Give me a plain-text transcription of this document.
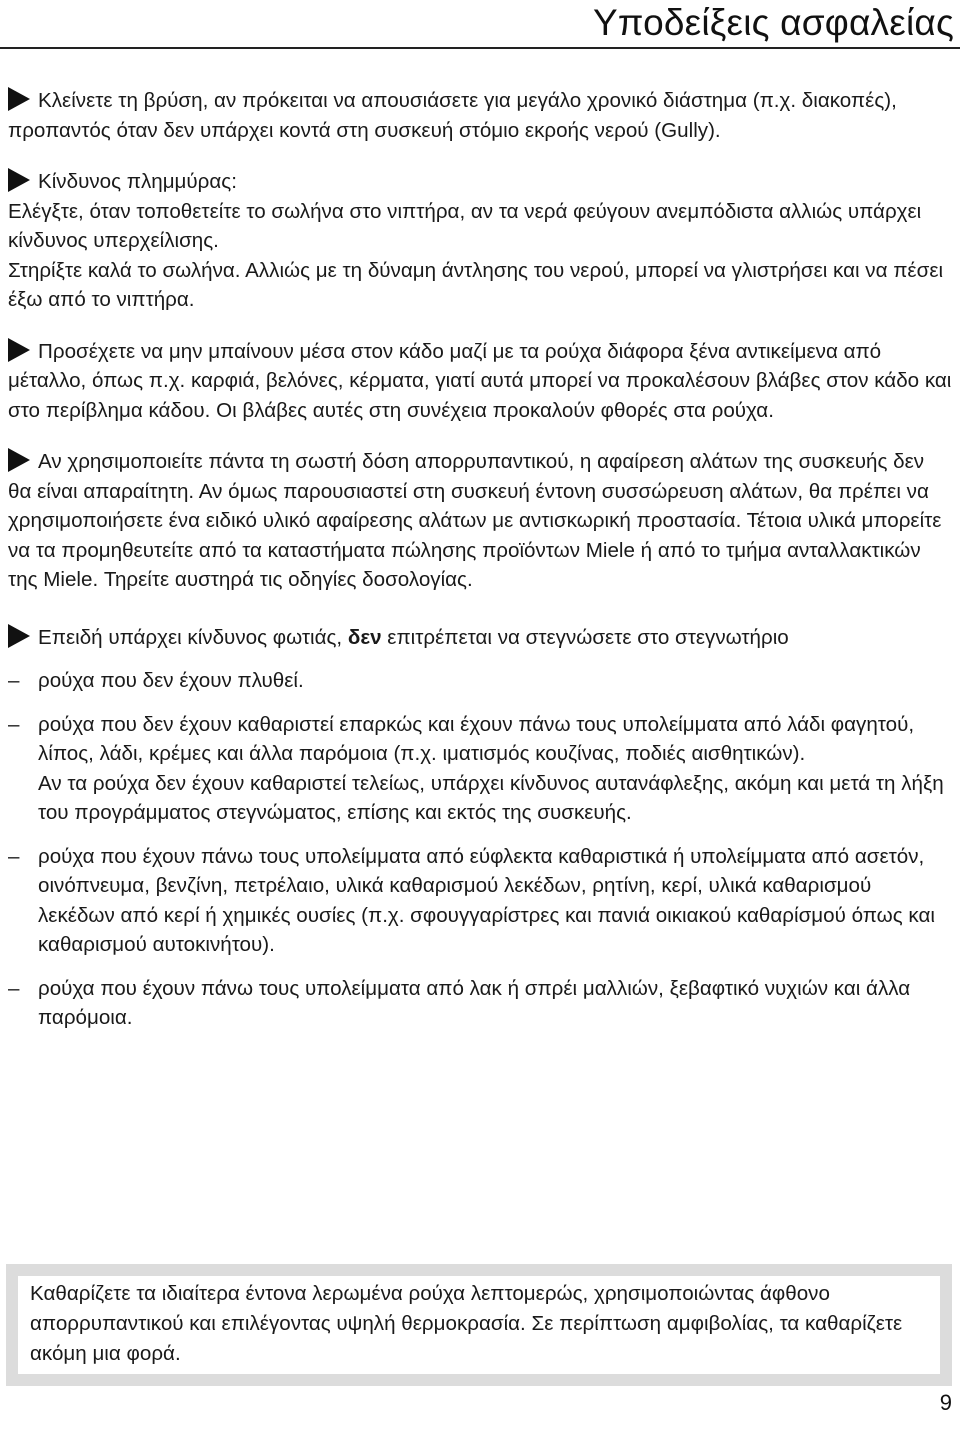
Υποδείξεις ασφαλείας

Κλείνετε τη βρύση, αν πρόκειται να απουσιάσετε για μεγάλο χρονικό διάστημα (π.χ. διακοπές), προπαντός όταν δεν υπάρχει κοντά στη συσκευή στόμιο εκροής νερού (Gully).

Κίνδυνος πλημμύρας:

Ελέγξτε, όταν τοποθετείτε το σωλήνα στο νιπτήρα, αν τα νερά φεύγουν ανεμπόδιστα αλλιώς υπάρχει κίνδυνος υπερχείλισης.

Στηρίξτε καλά το σωλήνα. Αλλιώς με τη δύναμη άντλησης του νερού, μπορεί να γλιστρήσει και να πέσει έξω από το νιπτήρα.

Προσέχετε να μην μπαίνουν μέσα στον κάδο μαζί με τα ρούχα διάφορα ξένα αντικείμενα από μέταλλο, όπως π.χ. καρφιά, βελόνες, κέρματα, γιατί αυτά μπορεί να προκαλέσουν βλάβες στον κάδο και στο περίβλημα κάδου. Οι βλάβες αυτές στη συνέχεια προκαλούν φθορές στα ρούχα.

Αν χρησιμοποιείτε πάντα τη σωστή δόση απορρυπαντικού, η αφαίρεση αλάτων της συσκευής δεν θα είναι απαραίτητη. Αν όμως παρουσιαστεί στη συσκευή έντονη συσσώρευση αλάτων, θα πρέπει να χρησιμοποιήσετε ένα ειδικό υλικό αφαίρεσης αλάτων με αντισκωρική προστασία. Τέτοια υλικά μπορείτε να τα προμηθευτείτε από τα καταστήματα πώλησης προϊόντων Miele ή από το τμήμα ανταλλακτικών της Miele. Τηρείτε αυστηρά τις οδηγίες δοσολογίας.

Επειδή υπάρχει κίνδυνος φωτιάς, δεν επιτρέπεται να στεγνώσετε στο στεγνωτήριο

– ρούχα που δεν έχουν πλυθεί.

– ρούχα που δεν έχουν καθαριστεί επαρκώς και έχουν πάνω τους υπολείμματα από λάδι φαγητού, λίπος, λάδι, κρέμες και άλλα παρόμοια (π.χ. ιματισμός κουζίνας, ποδιές αισθητικών).
Αν τα ρούχα δεν έχουν καθαριστεί τελείως, υπάρχει κίνδυνος αυτανάφλεξης, ακόμη και μετά τη λήξη του προγράμματος στεγνώματος, επίσης και εκτός της συσκευής.

– ρούχα που έχουν πάνω τους υπολείμματα από εύφλεκτα καθαριστικά ή υπολείμματα από ασετόν, οινόπνευμα, βενζίνη, πετρέλαιο, υλικά καθαρισμού λεκέδων, ρητίνη, κερί, υλικά καθαρισμού λεκέδων από κερί ή χημικές ουσίες (π.χ. σφουγγαρίστρες και πανιά οικιακού καθαρίσμού όπως και καθαρισμού αυτοκινήτου).

– ρούχα που έχουν πάνω τους υπολείμματα από λακ ή σπρέι μαλλιών, ξεβαφτικό νυχιών και άλλα παρόμοια.

Καθαρίζετε τα ιδιαίτερα έντονα λερωμένα ρούχα λεπτομερώς, χρησιμοποιώντας άφθονο απορρυπαντικού και επιλέγοντας υψηλή θερμοκρασία. Σε περίπτωση αμφιβολίας, τα καθαρίζετε ακόμη μια φορά.
9
